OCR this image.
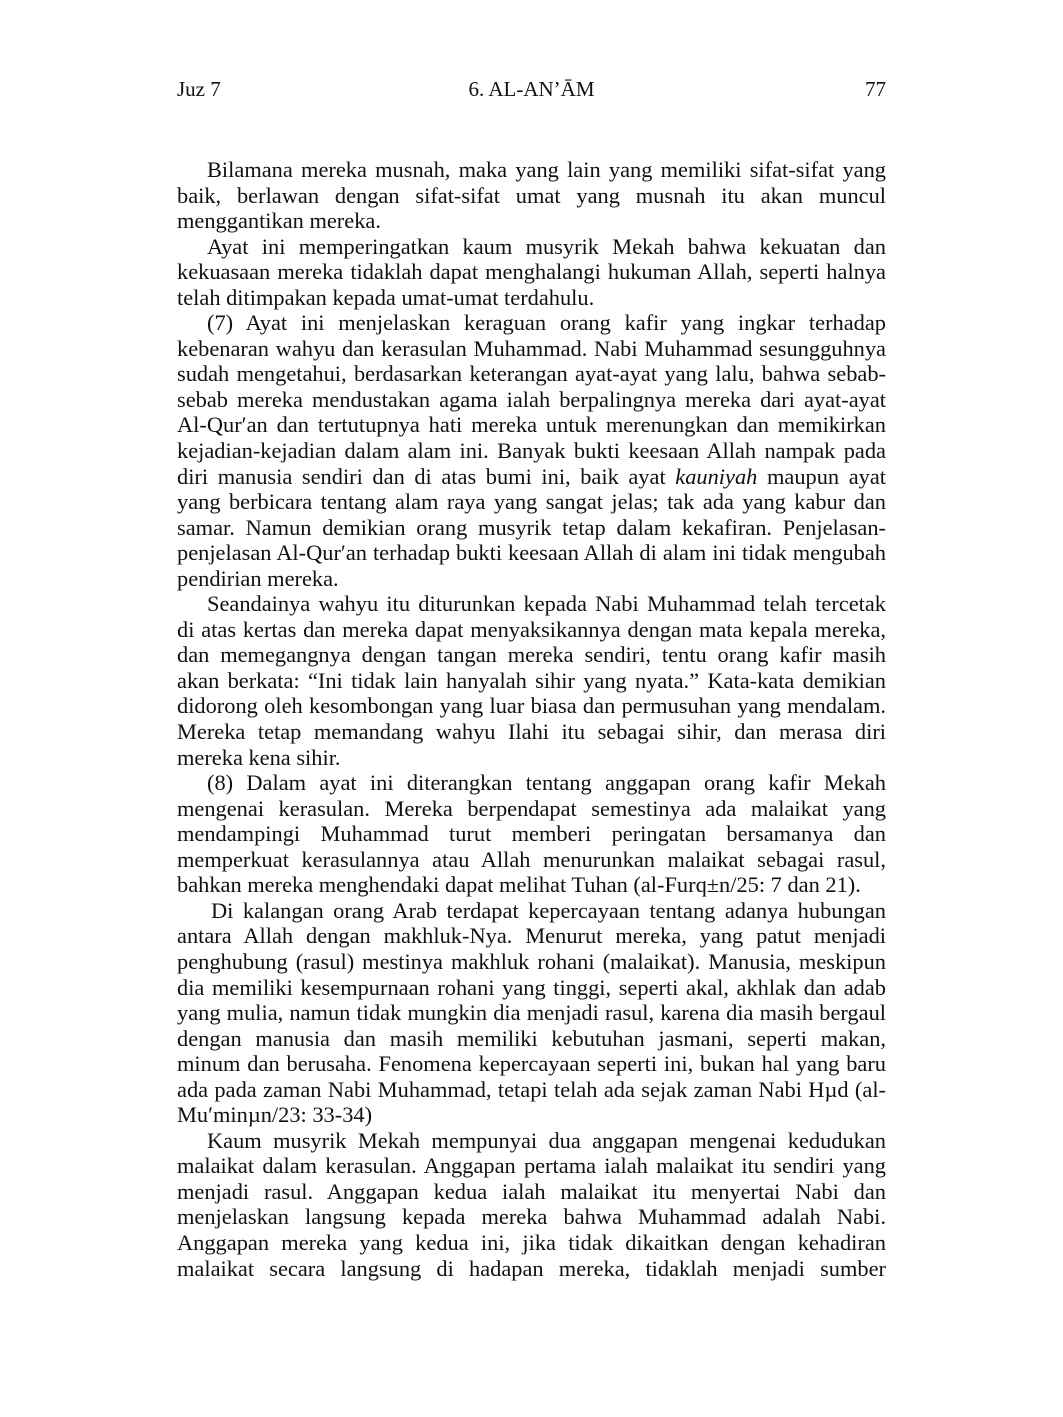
Juz 7	6. AL-AN’ĀM	77

Bilamana mereka musnah, maka yang lain yang memiliki sifat-sifat yang baik, berlawan dengan sifat-sifat umat yang musnah itu akan muncul menggantikan mereka.

Ayat ini memperingatkan kaum musyrik Mekah bahwa kekuatan dan kekuasaan mereka tidaklah dapat menghalangi hukuman Allah, seperti halnya telah ditimpakan kepada umat-umat terdahulu.

(7) Ayat ini menjelaskan keraguan orang kafir yang ingkar terhadap kebenaran wahyu dan kerasulan Muhammad. Nabi Muhammad sesungguhnya sudah mengetahui, berdasarkan keterangan ayat-ayat yang lalu, bahwa sebab-sebab mereka mendustakan agama ialah berpalingnya mereka dari ayat-ayat Al-Qur′an dan tertutupnya hati mereka untuk merenungkan dan memikirkan kejadian-kejadian dalam alam ini. Banyak bukti keesaan Allah nampak pada diri manusia sendiri dan di atas bumi ini, baik ayat kauniyah maupun ayat yang berbicara tentang alam raya yang sangat jelas; tak ada yang kabur dan samar. Namun demikian orang musyrik tetap dalam kekafiran. Penjelasan-penjelasan Al-Qur′an terhadap bukti keesaan Allah di alam ini tidak mengubah pendirian mereka.

Seandainya wahyu itu diturunkan kepada Nabi Muhammad telah tercetak di atas kertas dan mereka dapat menyaksikannya dengan mata kepala mereka, dan memegangnya dengan tangan mereka sendiri, tentu orang kafir masih akan berkata: “Ini tidak lain hanyalah sihir yang nyata.” Kata-kata demikian didorong oleh kesombongan yang luar biasa dan permusuhan yang mendalam. Mereka tetap memandang wahyu Ilahi itu sebagai sihir, dan merasa diri mereka kena sihir.

(8) Dalam ayat ini diterangkan tentang anggapan orang kafir Mekah mengenai kerasulan. Mereka berpendapat semestinya ada malaikat yang mendampingi Muhammad turut memberi peringatan bersamanya dan memperkuat kerasulannya atau Allah menurunkan malaikat sebagai rasul, bahkan mereka menghendaki dapat melihat Tuhan (al-Furq±n/25: 7 dan 21).

Di kalangan orang Arab terdapat kepercayaan tentang adanya hubungan antara Allah dengan makhluk-Nya. Menurut mereka, yang patut menjadi penghubung (rasul) mestinya makhluk rohani (malaikat). Manusia, meskipun dia memiliki kesempurnaan rohani yang tinggi, seperti akal, akhlak dan adab yang mulia, namun tidak mungkin dia menjadi rasul, karena dia masih bergaul dengan manusia dan masih memiliki kebutuhan jasmani, seperti makan, minum dan berusaha. Fenomena kepercayaan seperti ini, bukan hal yang baru ada pada zaman Nabi Muhammad, tetapi telah ada sejak zaman Nabi Hµd (al-Mu′minµn/23: 33-34)

Kaum musyrik Mekah mempunyai dua anggapan mengenai kedudukan malaikat dalam kerasulan. Anggapan pertama ialah malaikat itu sendiri yang menjadi rasul. Anggapan kedua ialah malaikat itu menyertai Nabi dan menjelaskan langsung kepada mereka bahwa Muhammad adalah Nabi. Anggapan mereka yang kedua ini, jika tidak dikaitkan dengan kehadiran malaikat secara langsung di hadapan mereka, tidaklah menjadi sumber
